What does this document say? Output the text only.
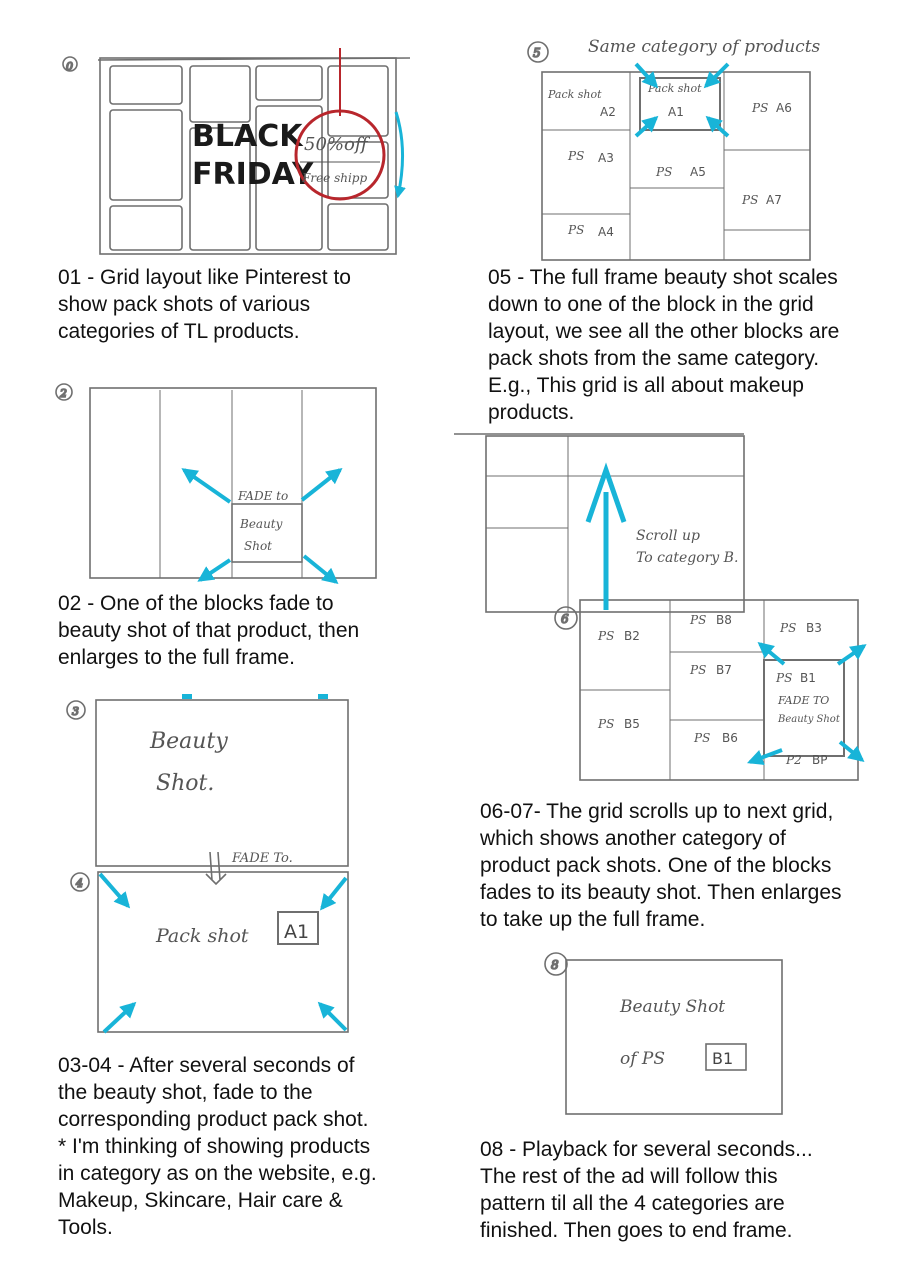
0
BLACK
FRIDAY
50%off
Free shipp
2
FADE to
Beauty
Shot
3
Beauty
Shot.
4
FADE To.
Pack shot A1
5	Same category of products
Pack shot
A2
Pack shot
A1	PS A6
PS A3
PS A5
PS A7
PS A4
6
Scroll up
To category B.
PS B2
PS B8
PS B3
PS B7
PS B1
PS B5
PS B6
P2 BP
FADE TO
Beauty Shot
8
Beauty Shot
of PS	B1

01 - Grid layout like Pinterest to
show pack shots of various
categories of TL products.

02 - One of the blocks fade to
beauty shot of that product, then
enlarges to the full frame.

03-04 - After several seconds of
the beauty shot, fade to the
corresponding product pack shot.
* I'm thinking of showing products
in category as on the website, e.g.
Makeup, Skincare, Hair care &
Tools.

05 - The full frame beauty shot scales
down to one of the block in the grid
layout, we see all the other blocks are
pack shots from the same category.
E.g., This grid is all about makeup
products.

06-07- The grid scrolls up to next grid,
which shows another category of
product pack shots. One of the blocks
fades to its beauty shot. Then enlarges
to take up the full frame.

08 - Playback for several seconds...
The rest of the ad will follow this
pattern til all the 4 categories are
finished. Then goes to end frame.
